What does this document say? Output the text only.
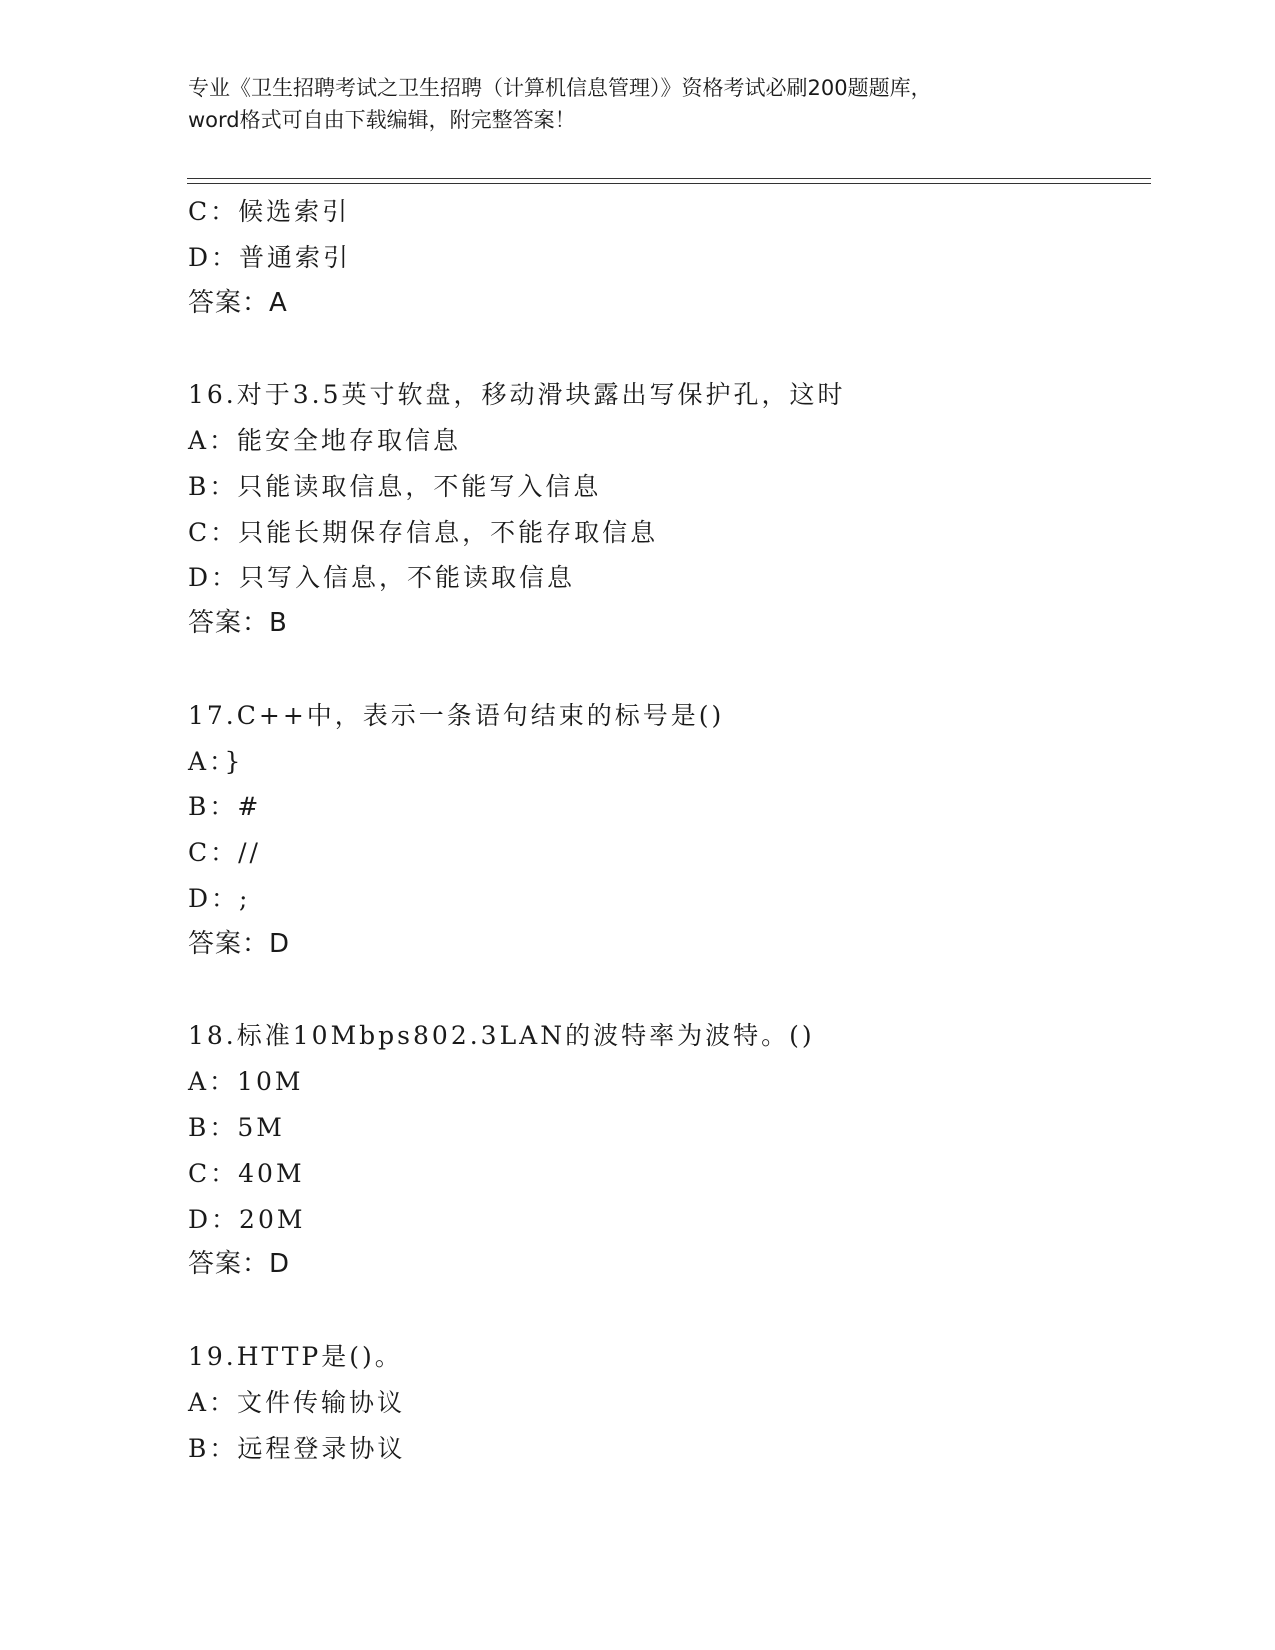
专业《卫生招聘考试之卫生招聘（计算机信息管理）》资格考试必刷200题题库，
word格式可自由下载编辑，附完整答案！
C：候选索引
D：普通索引
答案：A
16.对于3.5英寸软盘，移动滑块露出写保护孔，这时
A：能安全地存取信息
B：只能读取信息，不能写入信息
C：只能长期保存信息，不能存取信息
D：只写入信息，不能读取信息
答案：B
17.C++中，表示一条语句结束的标号是()
A：}
B：#
C：//
D：;
答案：D
18.标准10Mbps802.3LAN的波特率为波特。()
A：10M
B：5M
C：40M
D：20M
答案：D
19.HTTP是()。
A：文件传输协议
B：远程登录协议
